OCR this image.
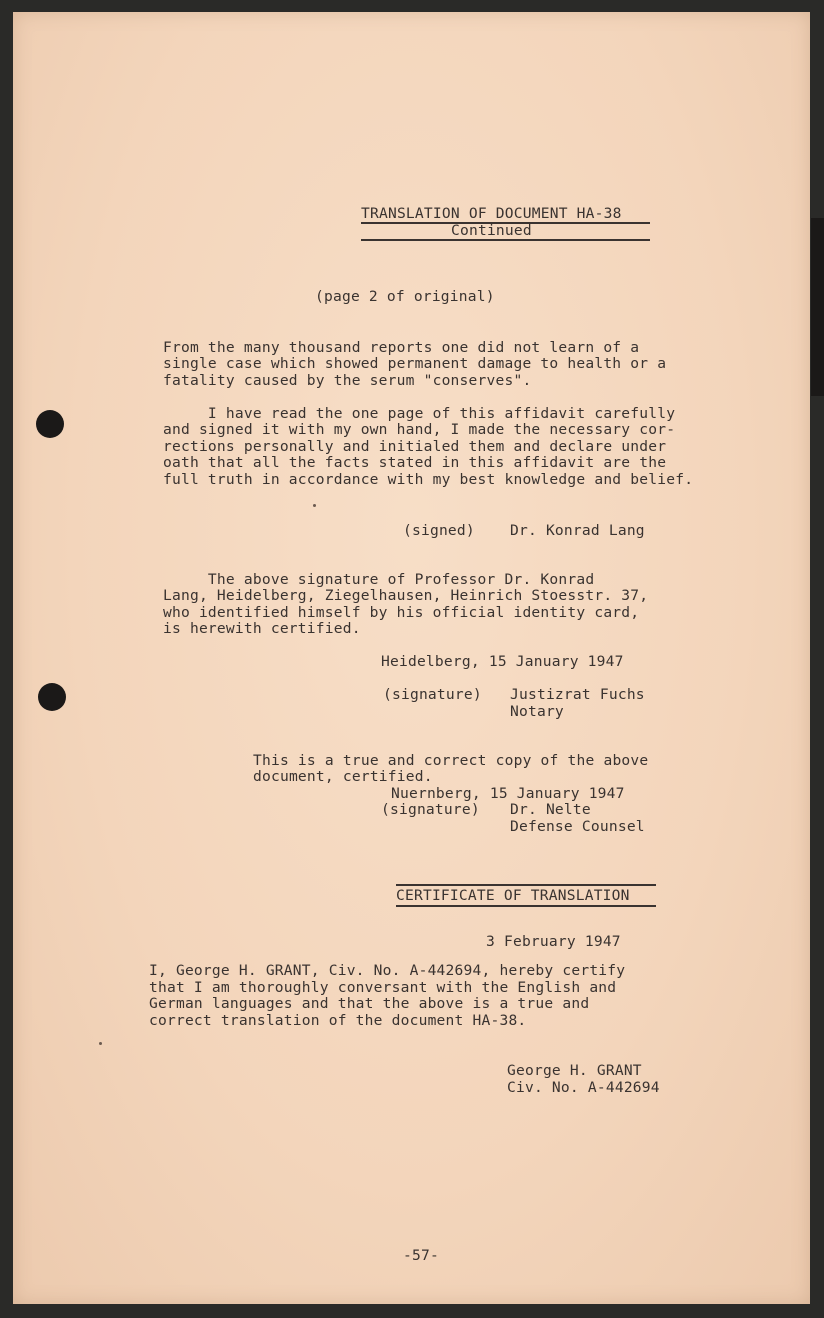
TRANSLATION OF DOCUMENT HA-38
Continued
(page 2 of original)
From the many thousand reports one did not learn of a
single case which showed permanent damage to health or a
fatality caused by the serum "conserves".
I have read the one page of this affidavit carefully
and signed it with my own hand, I made the necessary cor-
rections personally and initialed them and declare under
oath that all the facts stated in this affidavit are the
full truth in accordance with my best knowledge and belief.
(signed) Dr. Konrad Lang
The above signature of Professor Dr. Konrad
Lang, Heidelberg, Ziegelhausen, Heinrich Stoesstr. 37,
who identified himself by his official identity card,
is herewith certified.
Heidelberg, 15 January 1947
(signature) Justizrat Fuchs
Notary
This is a true and correct copy of the above
document, certified.
Nuernberg, 15 January 1947
(signature) Dr. Nelte
Defense Counsel
CERTIFICATE OF TRANSLATION
3 February 1947
I, George H. GRANT, Civ. No. A-442694, hereby certify
that I am thoroughly conversant with the English and
German languages and that the above is a true and
correct translation of the document HA-38.
George H. GRANT
Civ. No. A-442694
-57-
